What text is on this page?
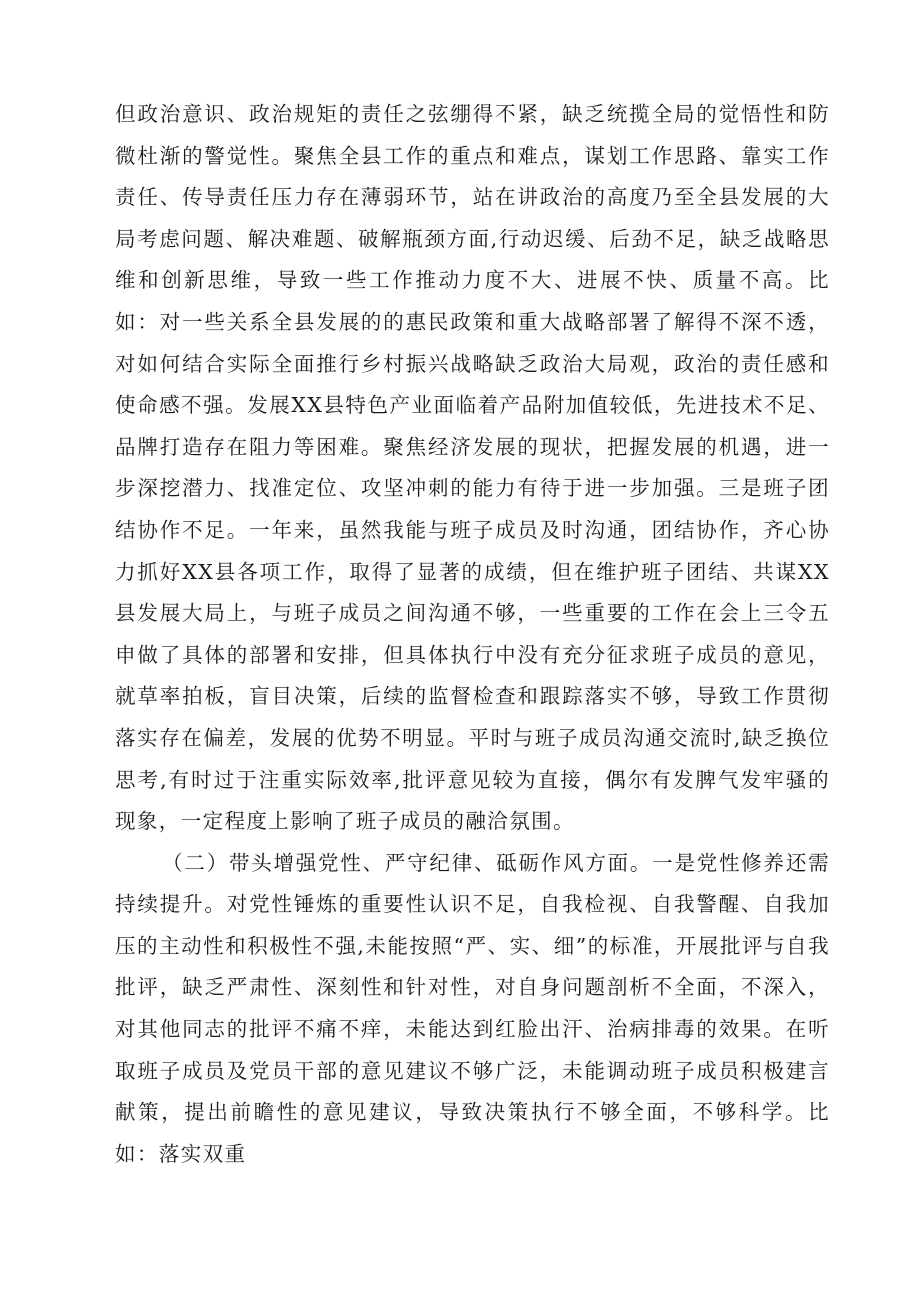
但政治意识、政治规矩的责任之弦绷得不紧，缺乏统揽全局的觉悟性和防微杜渐的警觉性。聚焦全县工作的重点和难点，谋划工作思路、靠实工作责任、传导责任压力存在薄弱环节，站在讲政治的高度乃至全县发展的大局考虑问题、解决难题、破解瓶颈方面,行动迟缓、后劲不足，缺乏战略思维和创新思维，导致一些工作推动力度不大、进展不快、质量不高。比如：对一些关系全县发展的的惠民政策和重大战略部署了解得不深不透，对如何结合实际全面推行乡村振兴战略缺乏政治大局观，政治的责任感和使命感不强。发展XX县特色产业面临着产品附加值较低，先进技术不足、品牌打造存在阻力等困难。聚焦经济发展的现状，把握发展的机遇，进一步深挖潜力、找准定位、攻坚冲刺的能力有待于进一步加强。三是班子团结协作不足。一年来，虽然我能与班子成员及时沟通，团结协作，齐心协力抓好XX县各项工作，取得了显著的成绩，但在维护班子团结、共谋XX县发展大局上，与班子成员之间沟通不够，一些重要的工作在会上三令五申做了具体的部署和安排，但具体执行中没有充分征求班子成员的意见，就草率拍板，盲目决策，后续的监督检查和跟踪落实不够，导致工作贯彻落实存在偏差，发展的优势不明显。平时与班子成员沟通交流时,缺乏换位思考,有时过于注重实际效率,批评意见较为直接，偶尔有发脾气发牢骚的现象，一定程度上影响了班子成员的融洽氛围。

（二）带头增强党性、严守纪律、砥砺作风方面。一是党性修养还需持续提升。对党性锤炼的重要性认识不足，自我检视、自我警醒、自我加压的主动性和积极性不强,未能按照“严、实、细”的标准，开展批评与自我批评，缺乏严肃性、深刻性和针对性，对自身问题剖析不全面，不深入，对其他同志的批评不痛不痒，未能达到红脸出汗、治病排毒的效果。在听取班子成员及党员干部的意见建议不够广泛，未能调动班子成员积极建言献策，提出前瞻性的意见建议，导致决策执行不够全面，不够科学。比如：落实双重
